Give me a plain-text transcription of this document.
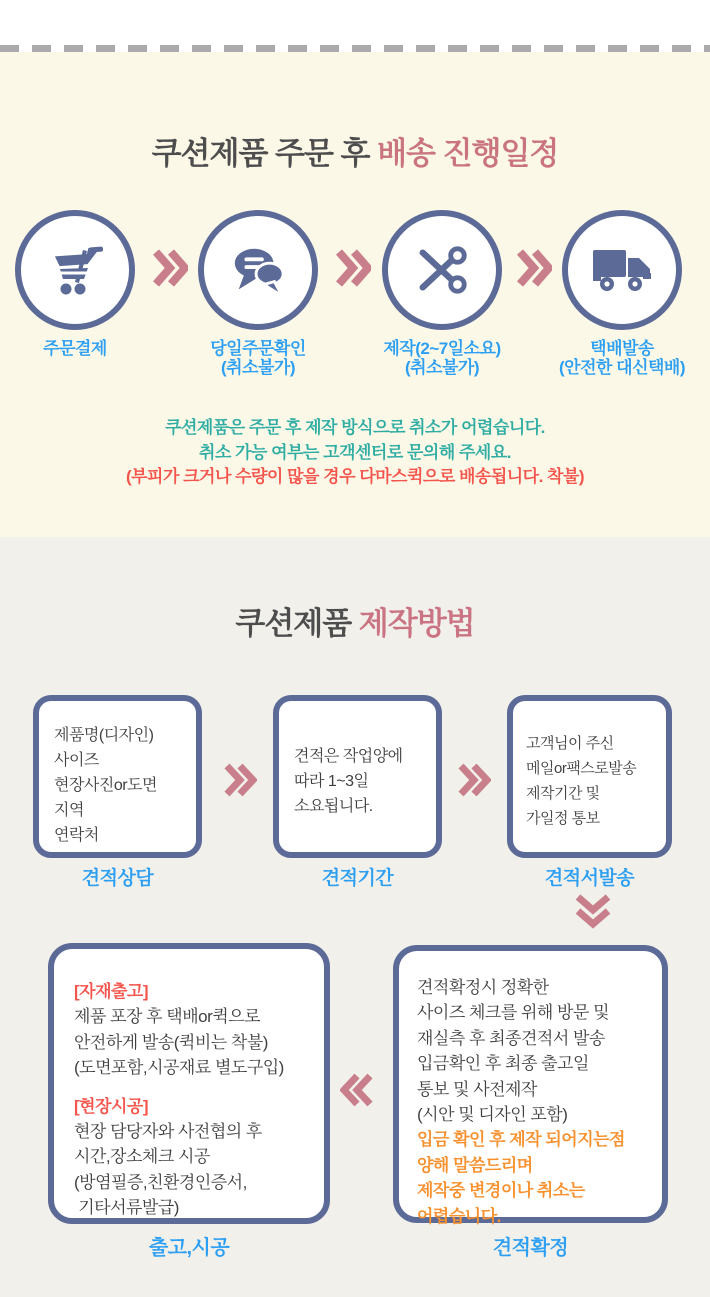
쿠션제품 주문 후 배송 진행일정
주문결제	당일주문확인
(취소불가)
제작(2~7일소요)
(취소불가)
택배발송
(안전한 대신택배)
쿠션제품은 주문 후 제작 방식으로 취소가 어렵습니다.
취소 가능 여부는 고객센터로 문의해 주세요.
(부피가 크거나 수량이 많을 경우 다마스퀵으로 배송됩니다. 착불)
쿠션제품 제작방법
제품명(디자인)
사이즈
현장사진or도면
지역
연락처
견적상담
견적은 작업양에
따라 1~3일
소요됩니다.
견적기간
고객님이 주신
메일or팩스로발송
제작기간 및
가일정 통보
견적서발송
[자재출고]
제품 포장 후 택배or퀵으로
안전하게 발송(퀵비는 착불)
(도면포함,시공재료 별도구입)
[현장시공]
현장 담당자와 사전협의 후
시간,장소체크 시공
(방염필증,친환경인증서,
기타서류발급)
출고,시공
견적확정시 정확한
사이즈 체크를 위해 방문 및
재실측 후 최종견적서 발송
입금확인 후 최종 출고일
통보 및 사전제작
(시안 및 디자인 포함)
입금 확인 후 제작 되어지는점
양해 말씀드리며
제작중 변경이나 취소는
어렵습니다.
견적확정
